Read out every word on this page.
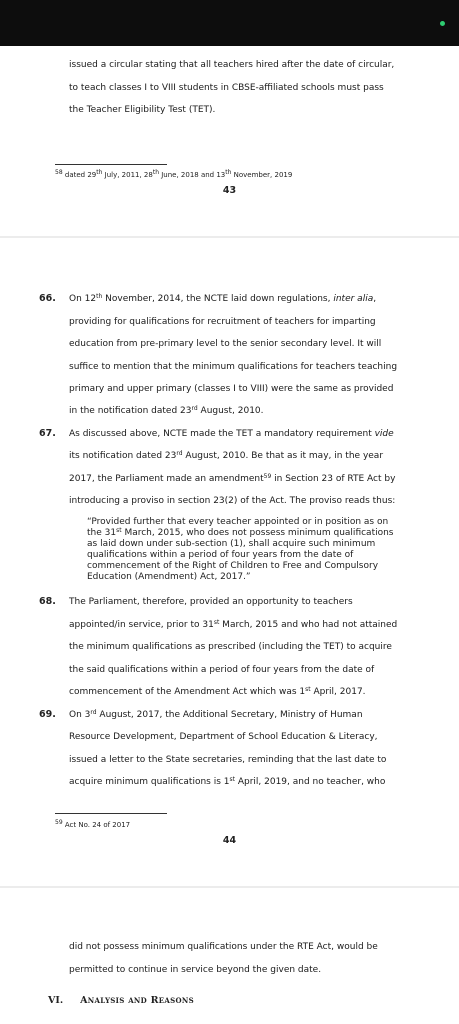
issued a circular stating that all teachers hired after the date of circular,
to teach classes I to VIII students in CBSE-affiliated schools must pass
the Teacher Eligibility Test (TET).
$^{58}$ dated 29th July, 2011, 28th June, 2018 and 13th November, 2019
43
66. On 12th November, 2014, the NCTE laid down regulations, inter alia,
providing for qualifications for recruitment of teachers for imparting
education from pre-primary level to the senior secondary level. It will
suffice to mention that the minimum qualifications for teachers teaching
primary and upper primary (classes I to VIII) were the same as provided
in the notification dated 23rd August, 2010.
67. As discussed above, NCTE made the TET a mandatory requirement vide
its notification dated 23rd August, 2010. Be that as it may, in the year
2017, the Parliament made an amendment$^{59}$ in Section 23 of RTE Act by
introducing a proviso in section 23(2) of the Act. The proviso reads thus:
“Provided further that every teacher appointed or in position as on
the 31st March, 2015, who does not possess minimum qualifications
as laid down under sub-section (1), shall acquire such minimum
qualifications within a period of four years from the date of
commencement of the Right of Children to Free and Compulsory
Education (Amendment) Act, 2017.”
68. The Parliament, therefore, provided an opportunity to teachers
appointed/in service, prior to 31st March, 2015 and who had not attained
the minimum qualifications as prescribed (including the TET) to acquire
the said qualifications within a period of four years from the date of
commencement of the Amendment Act which was 1st April, 2017.
69. On 3rd August, 2017, the Additional Secretary, Ministry of Human
Resource Development, Department of School Education & Literacy,
issued a letter to the State secretaries, reminding that the last date to
acquire minimum qualifications is 1st April, 2019, and no teacher, who
$^{59}$ Act No. 24 of 2017
44
did not possess minimum qualifications under the RTE Act, would be
permitted to continue in service beyond the given date.
VI. Analysis and Reasons
